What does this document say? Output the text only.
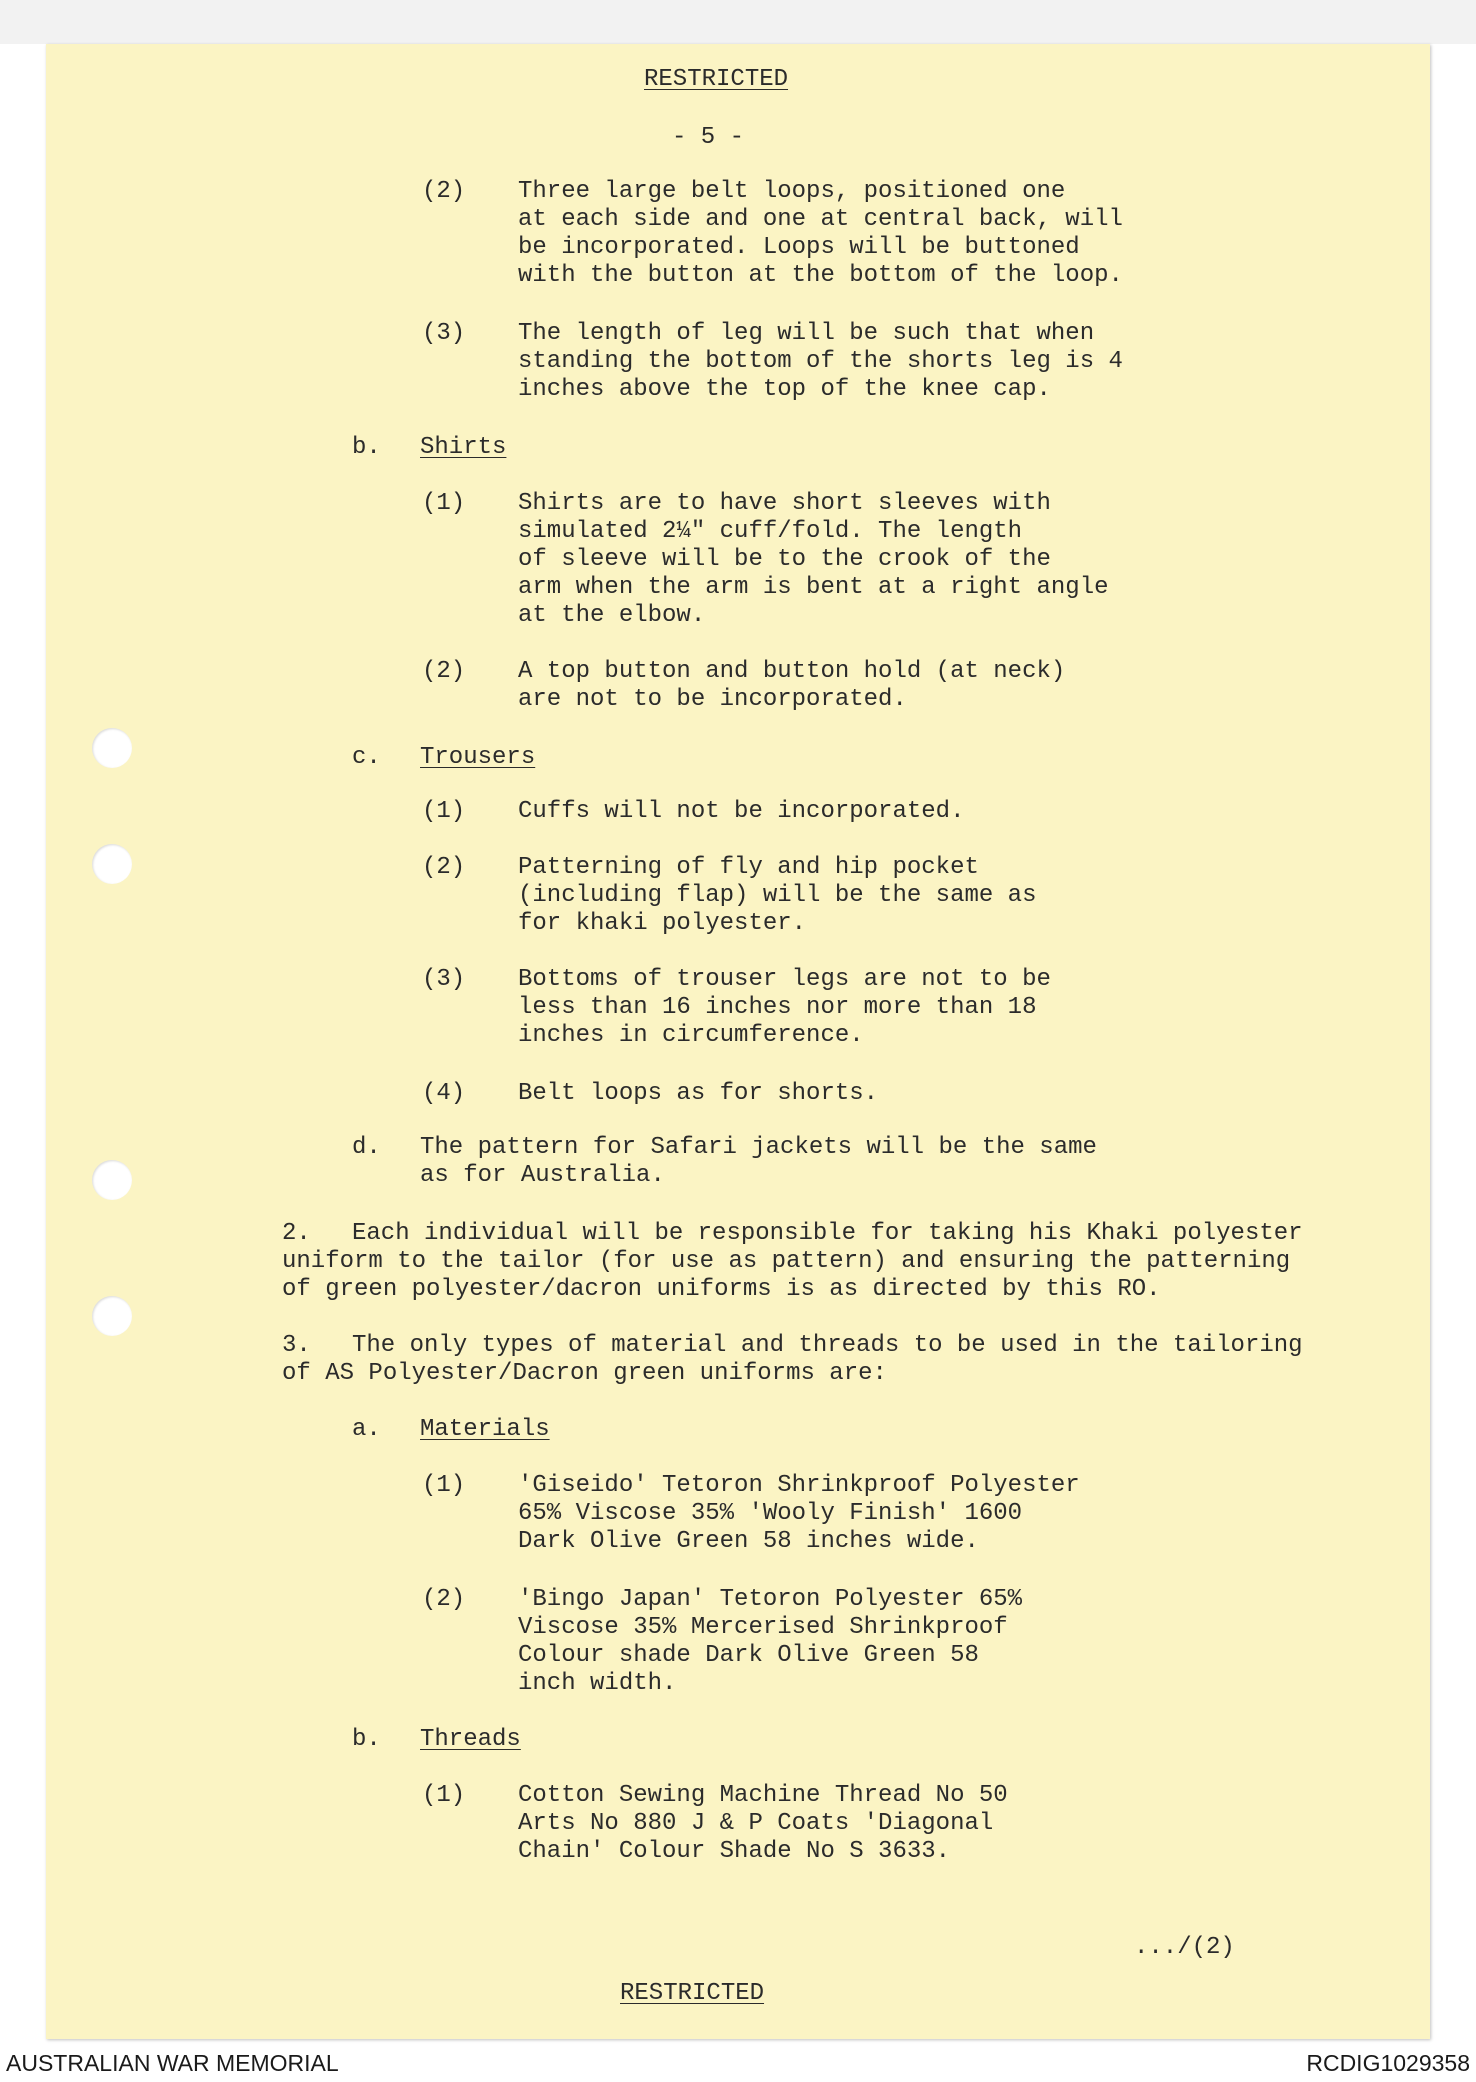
RESTRICTED
- 5 -
(2) Three large belt loops, positioned one
at each side and one at central back, will
be incorporated. Loops will be buttoned
with the button at the bottom of the loop.
(3) The length of leg will be such that when
standing the bottom of the shorts leg is 4
inches above the top of the knee cap.
b. Shirts
(1) Shirts are to have short sleeves with
simulated 2¼" cuff/fold. The length
of sleeve will be to the crook of the
arm when the arm is bent at a right angle
at the elbow.
(2) A top button and button hold (at neck)
are not to be incorporated.
c. Trousers
(1) Cuffs will not be incorporated.
(2) Patterning of fly and hip pocket
(including flap) will be the same as
for khaki polyester.
(3) Bottoms of trouser legs are not to be
less than 16 inches nor more than 18
inches in circumference.
(4) Belt loops as for shorts.
d. The pattern for Safari jackets will be the same
as for Australia.
2. Each individual will be responsible for taking his Khaki polyester
uniform to the tailor (for use as pattern) and ensuring the patterning
of green polyester/dacron uniforms is as directed by this RO.
3. The only types of material and threads to be used in the tailoring
of AS Polyester/Dacron green uniforms are:
a. Materials
(1) 'Giseido' Tetoron Shrinkproof Polyester
65% Viscose 35% 'Wooly Finish' 1600
Dark Olive Green 58 inches wide.
(2) 'Bingo Japan' Tetoron Polyester 65%
Viscose 35% Mercerised Shrinkproof
Colour shade Dark Olive Green 58
inch width.
b. Threads
(1) Cotton Sewing Machine Thread No 50
Arts No 880 J & P Coats 'Diagonal
Chain' Colour Shade No S 3633.
.../(2)
RESTRICTED
AUSTRALIAN WAR MEMORIAL	RCDIG1029358
